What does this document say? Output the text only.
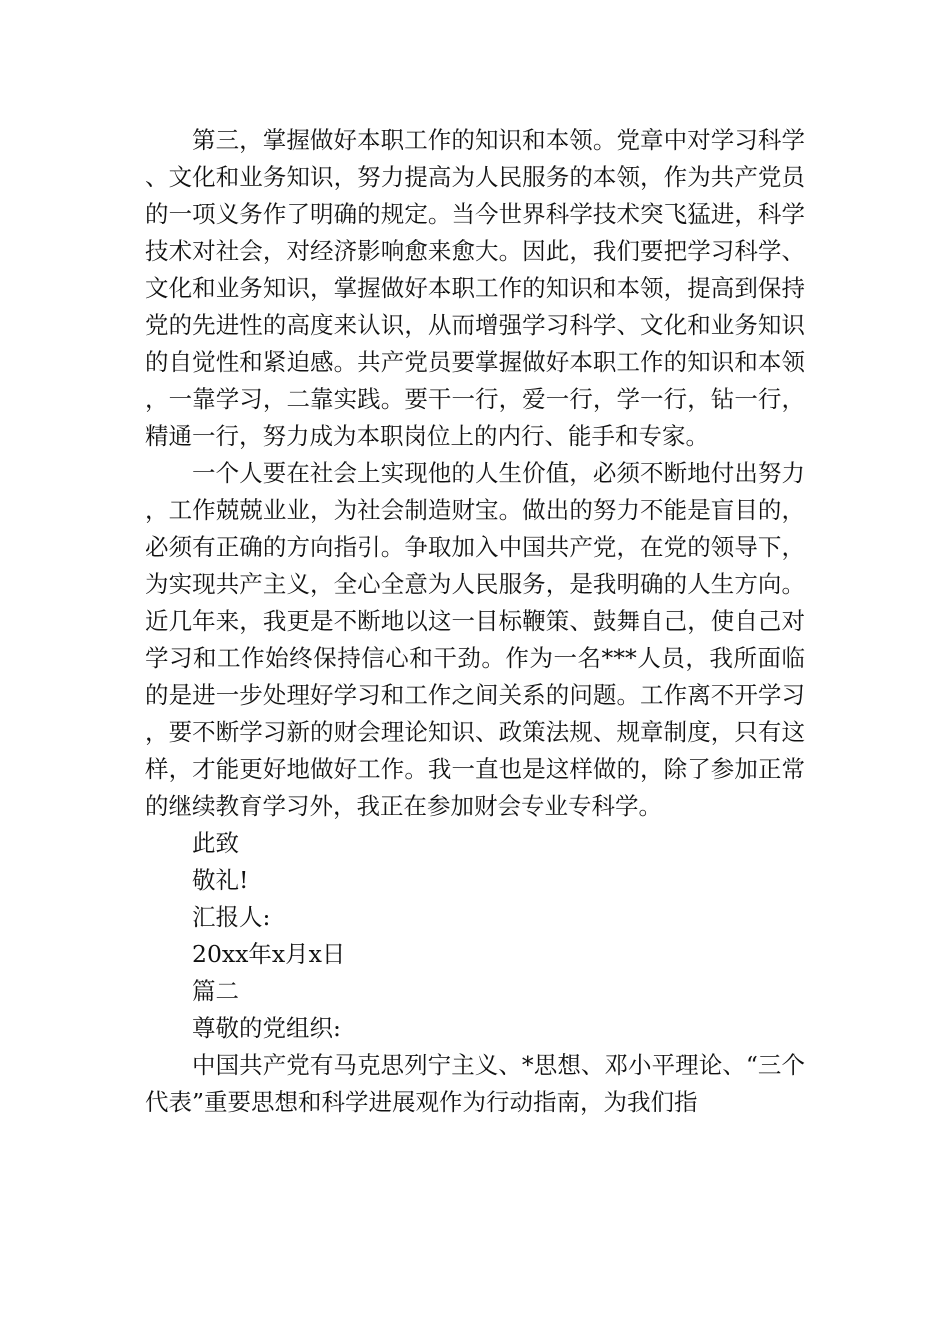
第三，掌握做好本职工作的知识和本领。党章中对学习科学、文化和业务知识，努力提高为人民服务的本领，作为共产党员的一项义务作了明确的规定。当今世界科学技术突飞猛进，科学技术对社会，对经济影响愈来愈大。因此，我们要把学习科学、文化和业务知识，掌握做好本职工作的知识和本领，提高到保持党的先进性的高度来认识，从而增强学习科学、文化和业务知识的自觉性和紧迫感。共产党员要掌握做好本职工作的知识和本领，一靠学习，二靠实践。要干一行，爱一行，学一行，钻一行，精通一行，努力成为本职岗位上的内行、能手和专家。

一个人要在社会上实现他的人生价值，必须不断地付出努力，工作兢兢业业，为社会制造财宝。做出的努力不能是盲目的，必须有正确的方向指引。争取加入中国共产党，在党的领导下，为实现共产主义，全心全意为人民服务，是我明确的人生方向。近几年来，我更是不断地以这一目标鞭策、鼓舞自己，使自己对学习和工作始终保持信心和干劲。作为一名***人员，我所面临的是进一步处理好学习和工作之间关系的问题。工作离不开学习，要不断学习新的财会理论知识、政策法规、规章制度，只有这样，才能更好地做好工作。我一直也是这样做的，除了参加正常的继续教育学习外，我正在参加财会专业专科学。

此致

敬礼!

汇报人:

20xx年x月x日

篇二

尊敬的党组织:

中国共产党有马克思列宁主义、*思想、邓小平理论、“三个代表”重要思想和科学进展观作为行动指南，为我们指
